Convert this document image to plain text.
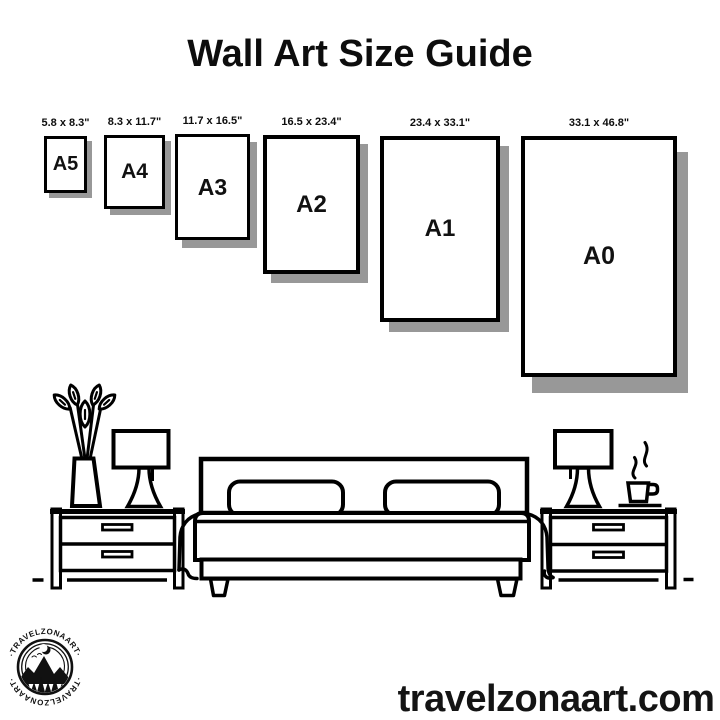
Wall Art Size Guide
5.8 x 8.3" 8.3 x 11.7" 11.7 x 16.5"	16.5 x 23.4"	23.4 x 33.1"	33.1 x 46.8"
A5 A4
A3
A2
A1
A0
·TRAVELZONAART·
·TRAVELZONAART·	travelzonaart.com
